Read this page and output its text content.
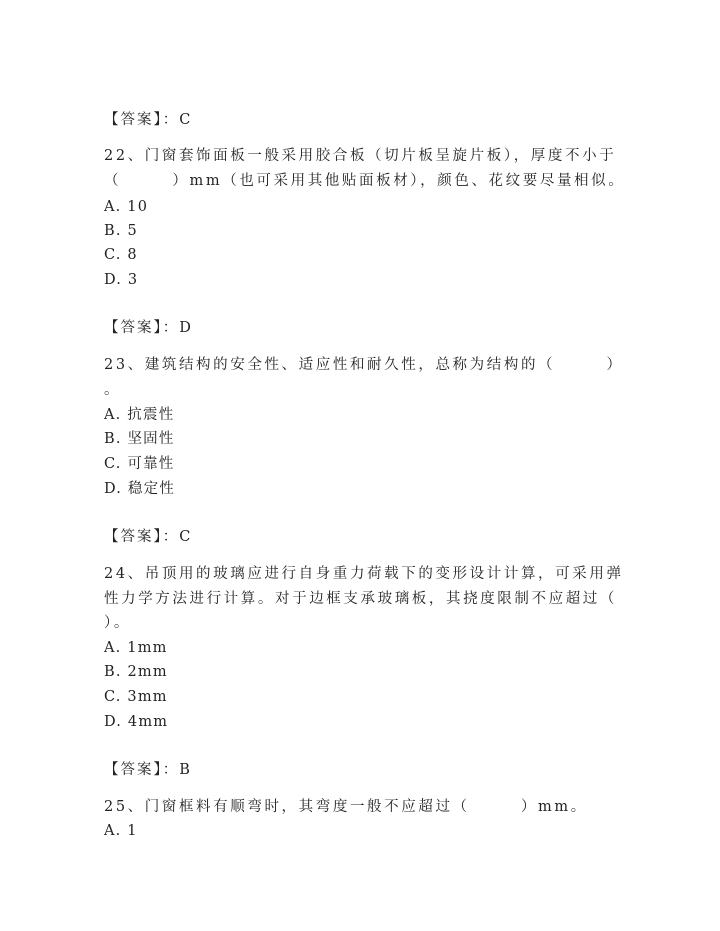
【答案】：C
22、门窗套饰面板一般采用胶合板（切片板呈旋片板），厚度不小于
（　　　）mm（也可采用其他贴面板材），颜色、花纹要尽量相似。
A. 10
B. 5
C. 8
D. 3
【答案】：D
23、建筑结构的安全性、适应性和耐久性，总称为结构的（　　　）
。
A. 抗震性
B. 坚固性
C. 可靠性
D. 稳定性
【答案】：C
24、吊顶用的玻璃应进行自身重力荷载下的变形设计计算，可采用弹
性力学方法进行计算。对于边框支承玻璃板，其挠度限制不应超过（
）。
A. 1mm
B. 2mm
C. 3mm
D. 4mm
【答案】：B
25、门窗框料有顺弯时，其弯度一般不应超过（　　　）mm。
A. 1
